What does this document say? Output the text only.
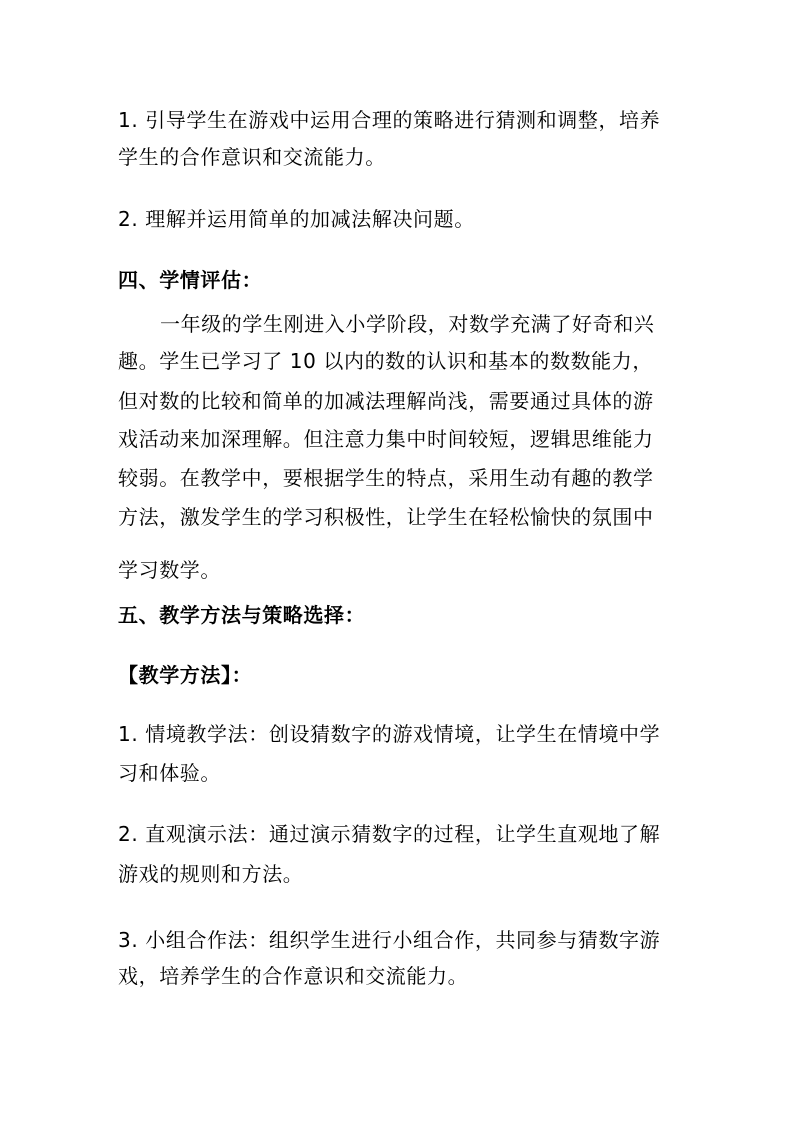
1. 引导学生在游戏中运用合理的策略进行猜测和调整，培养
学生的合作意识和交流能力。
2. 理解并运用简单的加减法解决问题。
四、学情评估：
一年级的学生刚进入小学阶段，对数学充满了好奇和兴
趣。学生已学习了 10 以内的数的认识和基本的数数能力，
但对数的比较和简单的加减法理解尚浅，需要通过具体的游
戏活动来加深理解。但注意力集中时间较短，逻辑思维能力
较弱。在教学中，要根据学生的特点，采用生动有趣的教学
方法，激发学生的学习积极性，让学生在轻松愉快的氛围中
学习数学。
五、教学方法与策略选择：
【教学方法】：
1. 情境教学法：创设猜数字的游戏情境，让学生在情境中学
习和体验。
2. 直观演示法：通过演示猜数字的过程，让学生直观地了解
游戏的规则和方法。
3. 小组合作法：组织学生进行小组合作，共同参与猜数字游
戏，培养学生的合作意识和交流能力。
